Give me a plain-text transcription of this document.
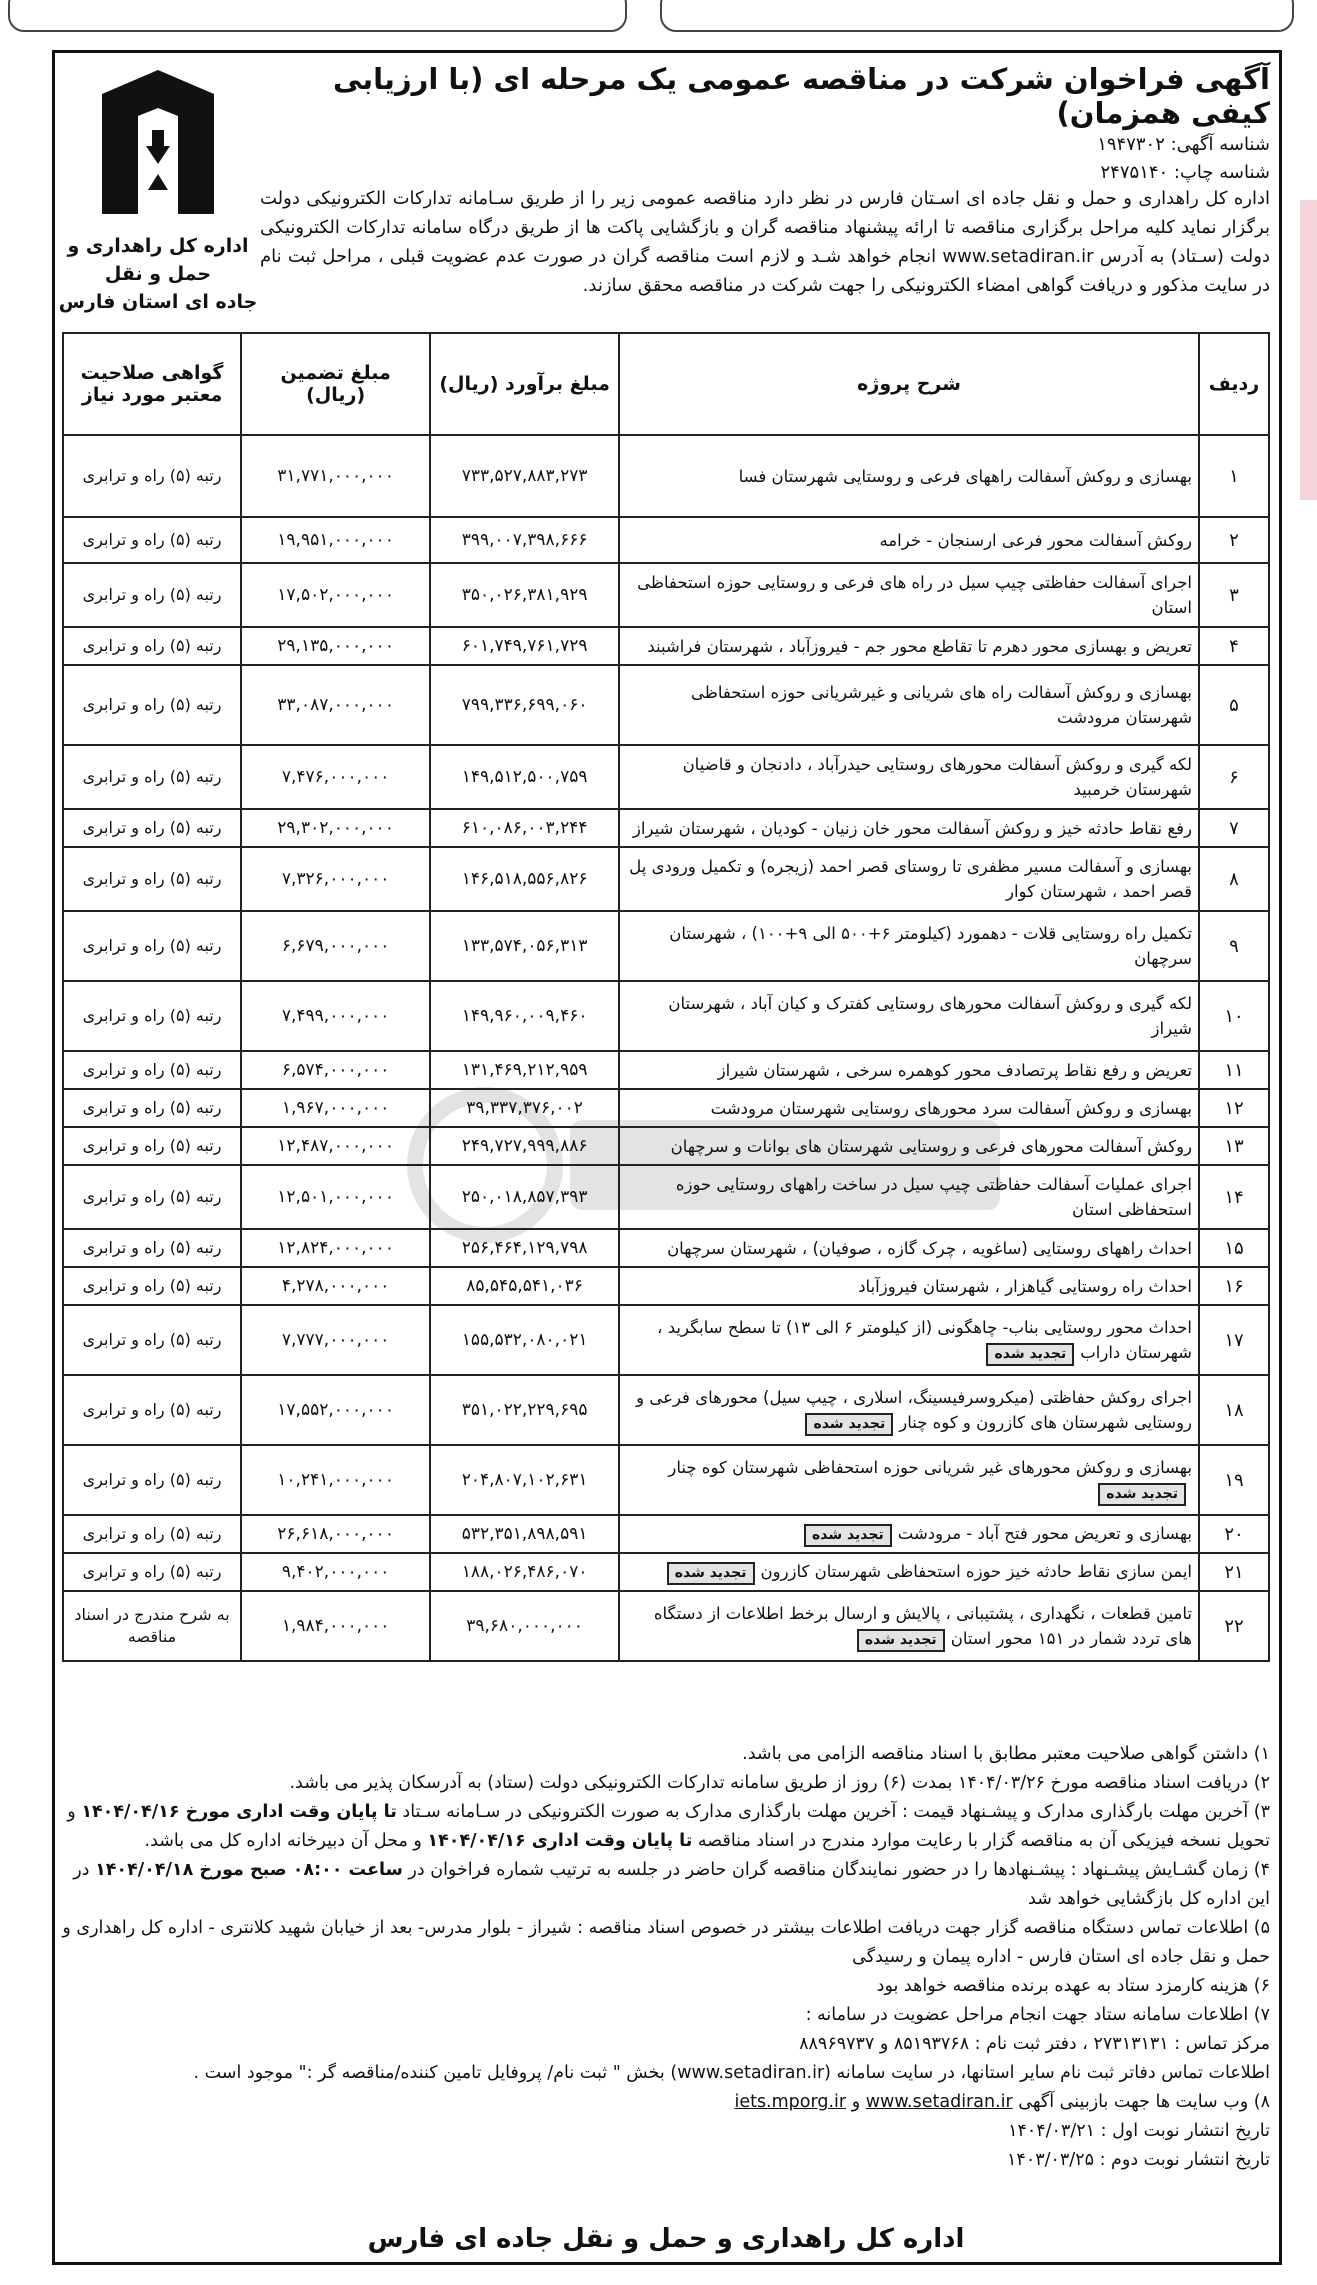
اداره کل راهداری و حمل و نقل
جاده ای استان فارس
آگهی فراخوان شرکت در مناقصه عمومی یک مرحله ای (با ارزیابی کیفی همزمان)
شناسه آگهی: ۱۹۴۷۳۰۲
شناسه چاپ: ۲۴۷۵۱۴۰
اداره کل راهداری و حمل و نقل جاده ای اسـتان فارس در نظر دارد مناقصه عمومی زیر را از طریق سـامانه تدارکات الکترونیکی دولت برگزار نماید کلیه مراحل برگزاری مناقصه تا ارائه پیشنهاد مناقصه گران و بازگشایی پاکت ها از طریق درگاه سامانه تدارکات الکترونیکی دولت (سـتاد) به آدرس www.setadiran.ir انجام خواهد شـد و لازم است مناقصه گران در صورت عدم عضویت قبلی ، مراحل ثبت نام در سایت مذکور و دریافت گواهی امضاء الکترونیکی را جهت شرکت در مناقصه محقق سازند.
ردیف	شرح پروژه	مبلغ برآورد (ریال)	مبلغ تضمین (ریال)	گواهی صلاحیت معتبر مورد نیاز
۱	بهسازی و روکش آسفالت راههای فرعی و روستایی شهرستان فسا	۷۳۳,۵۲۷,۸۸۳,۲۷۳	۳۱,۷۷۱,۰۰۰,۰۰۰	رتبه (۵) راه و ترابری
۲	روکش آسفالت محور فرعی ارسنجان - خرامه	۳۹۹,۰۰۷,۳۹۸,۶۶۶	۱۹,۹۵۱,۰۰۰,۰۰۰	رتبه (۵) راه و ترابری
۳	اجرای آسفالت حفاظتی چیپ سیل در راه های فرعی و روستایی حوزه استحفاظی استان	۳۵۰,۰۲۶,۳۸۱,۹۲۹	۱۷,۵۰۲,۰۰۰,۰۰۰	رتبه (۵) راه و ترابری
۴	تعریض و بهسازی محور دهرم تا تقاطع محور جم - فیروزآباد ، شهرستان فراشبند	۶۰۱,۷۴۹,۷۶۱,۷۲۹	۲۹,۱۳۵,۰۰۰,۰۰۰	رتبه (۵) راه و ترابری
۵	بهسازی و روکش آسفالت راه های شریانی و غیرشریانی حوزه استحفاظی شهرستان مرودشت	۷۹۹,۳۳۶,۶۹۹,۰۶۰	۳۳,۰۸۷,۰۰۰,۰۰۰	رتبه (۵) راه و ترابری
۶	لکه گیری و روکش آسفالت محورهای روستایی حیدرآباد ، دادنجان و قاضیان شهرستان خرمبید	۱۴۹,۵۱۲,۵۰۰,۷۵۹	۷,۴۷۶,۰۰۰,۰۰۰	رتبه (۵) راه و ترابری
۷	رفع نقاط حادثه خیز و روکش آسفالت محور خان زنیان - کودیان ، شهرستان شیراز	۶۱۰,۰۸۶,۰۰۳,۲۴۴	۲۹,۳۰۲,۰۰۰,۰۰۰	رتبه (۵) راه و ترابری
۸	بهسازی و آسفالت مسیر مظفری تا روستای قصر احمد (زیجره) و تکمیل ورودی پل قصر احمد ، شهرستان کوار	۱۴۶,۵۱۸,۵۵۶,۸۲۶	۷,۳۲۶,۰۰۰,۰۰۰	رتبه (۵) راه و ترابری
۹	تکمیل راه روستایی قلات - دهمورد (کیلومتر ۶+۵۰۰ الی ۹+۱۰۰) ، شهرستان سرچهان	۱۳۳,۵۷۴,۰۵۶,۳۱۳	۶,۶۷۹,۰۰۰,۰۰۰	رتبه (۵) راه و ترابری
۱۰	لکه گیری و روکش آسفالت محورهای روستایی کفترک و کیان آباد ، شهرستان شیراز	۱۴۹,۹۶۰,۰۰۹,۴۶۰	۷,۴۹۹,۰۰۰,۰۰۰	رتبه (۵) راه و ترابری
۱۱	تعریض و رفع نقاط پرتصادف محور کوهمره سرخی ، شهرستان شیراز	۱۳۱,۴۶۹,۲۱۲,۹۵۹	۶,۵۷۴,۰۰۰,۰۰۰	رتبه (۵) راه و ترابری
۱۲	بهسازی و روکش آسفالت سرد محورهای روستایی شهرستان مرودشت	۳۹,۳۳۷,۳۷۶,۰۰۲	۱,۹۶۷,۰۰۰,۰۰۰	رتبه (۵) راه و ترابری
۱۳	روکش آسفالت محورهای فرعی و روستایی شهرستان های بوانات و سرچهان	۲۴۹,۷۲۷,۹۹۹,۸۸۶	۱۲,۴۸۷,۰۰۰,۰۰۰	رتبه (۵) راه و ترابری
۱۴	اجرای عملیات آسفالت حفاظتی چیپ سیل در ساخت راههای روستایی حوزه استحفاظی استان	۲۵۰,۰۱۸,۸۵۷,۳۹۳	۱۲,۵۰۱,۰۰۰,۰۰۰	رتبه (۵) راه و ترابری
۱۵	احداث راههای روستایی (ساغویه ، چرک گازه ، صوفیان) ، شهرستان سرچهان	۲۵۶,۴۶۴,۱۲۹,۷۹۸	۱۲,۸۲۴,۰۰۰,۰۰۰	رتبه (۵) راه و ترابری
۱۶	احداث راه روستایی گیاهزار ، شهرستان فیروزآباد	۸۵,۵۴۵,۵۴۱,۰۳۶	۴,۲۷۸,۰۰۰,۰۰۰	رتبه (۵) راه و ترابری
۱۷	احداث محور روستایی بناب- چاهگونی (از کیلومتر ۶ الی ۱۳) تا سطح سابگرید ، شهرستان دارابتجدید شده	۱۵۵,۵۳۲,۰۸۰,۰۲۱	۷,۷۷۷,۰۰۰,۰۰۰	رتبه (۵) راه و ترابری
۱۸	اجرای روکش حفاظتی (میکروسرفیسینگ، اسلاری ، چیپ سیل) محورهای فرعی و روستایی شهرستان های کازرون و کوه چنارتجدید شده	۳۵۱,۰۲۲,۲۲۹,۶۹۵	۱۷,۵۵۲,۰۰۰,۰۰۰	رتبه (۵) راه و ترابری
۱۹	بهسازی و روکش محورهای غیر شریانی حوزه استحفاظی شهرستان کوه چنارتجدید شده	۲۰۴,۸۰۷,۱۰۲,۶۳۱	۱۰,۲۴۱,۰۰۰,۰۰۰	رتبه (۵) راه و ترابری
۲۰	بهسازی و تعریض محور فتح آباد - مرودشتتجدید شده	۵۳۲,۳۵۱,۸۹۸,۵۹۱	۲۶,۶۱۸,۰۰۰,۰۰۰	رتبه (۵) راه و ترابری
۲۱	ایمن سازی نقاط حادثه خیز حوزه استحفاظی شهرستان کازرونتجدید شده	۱۸۸,۰۲۶,۴۸۶,۰۷۰	۹,۴۰۲,۰۰۰,۰۰۰	رتبه (۵) راه و ترابری
۲۲	تامین قطعات ، نگهداری ، پشتیبانی ، پالایش و ارسال برخط اطلاعات از دستگاه های تردد شمار در ۱۵۱ محور استانتجدید شده	۳۹,۶۸۰,۰۰۰,۰۰۰	۱,۹۸۴,۰۰۰,۰۰۰	به شرح مندرج در اسناد مناقصه

۱) داشتن گواهی صلاحیت معتبر مطابق با اسناد مناقصه الزامی می باشد.

۲) دریافت اسناد مناقصه مورخ ۱۴۰۴/۰۳/۲۶ بمدت (۶) روز از طریق سامانه تدارکات الکترونیکی دولت (ستاد) به آدرسکان پذیر می باشد.

۳) آخرین مهلت بارگذاری مدارک و پیشـنهاد قیمت : آخرین مهلت بارگذاری مدارک به صورت الکترونیکی در سـامانه سـتاد تا پایان وقت اداری مورخ ۱۴۰۴/۰۴/۱۶ و تحویل نسخه فیزیکی آن به مناقصه گزار با رعایت موارد مندرج در اسناد مناقصه تا پایان وقت اداری ۱۴۰۴/۰۴/۱۶ و محل آن دبیرخانه اداره کل می باشد.

۴) زمان گشـایش پیشـنهاد : پیشـنهادها را در حضور نمایندگان مناقصه گران حاضر در جلسه به ترتیب شماره فراخوان در ساعت ۰۸:۰۰ صبح مورخ ۱۴۰۴/۰۴/۱۸ در این اداره کل بازگشایی خواهد شد

۵) اطلاعات تماس دستگاه مناقصه گزار جهت دریافت اطلاعات بیشتر در خصوص اسناد مناقصه : شیراز - بلوار مدرس- بعد از خیابان شهید کلانتری - اداره کل راهداری و حمل و نقل جاده ای استان فارس - اداره پیمان و رسیدگی

۶) هزینه کارمزد ستاد به عهده برنده مناقصه خواهد بود

۷) اطلاعات سامانه ستاد جهت انجام مراحل عضویت در سامانه :

مرکز تماس : ۲۷۳۱۳۱۳۱ ، دفتر ثبت نام : ۸۵۱۹۳۷۶۸ و ۸۸۹۶۹۷۳۷

اطلاعات تماس دفاتر ثبت نام سایر استانها، در سایت سامانه (www.setadiran.ir) بخش " ثبت نام/ پروفایل تامین کننده/مناقصه گر :" موجود است .

۸) وب سایت ها جهت بازبینی آگهی www.setadiran.ir و iets.mporg.ir

تاریخ انتشار نوبت اول : ۱۴۰۴/۰۳/۲۱

تاریخ انتشار نوبت دوم : ۱۴۰۳/۰۳/۲۵

اداره کل راهداری و حمل و نقل جاده ای فارس
